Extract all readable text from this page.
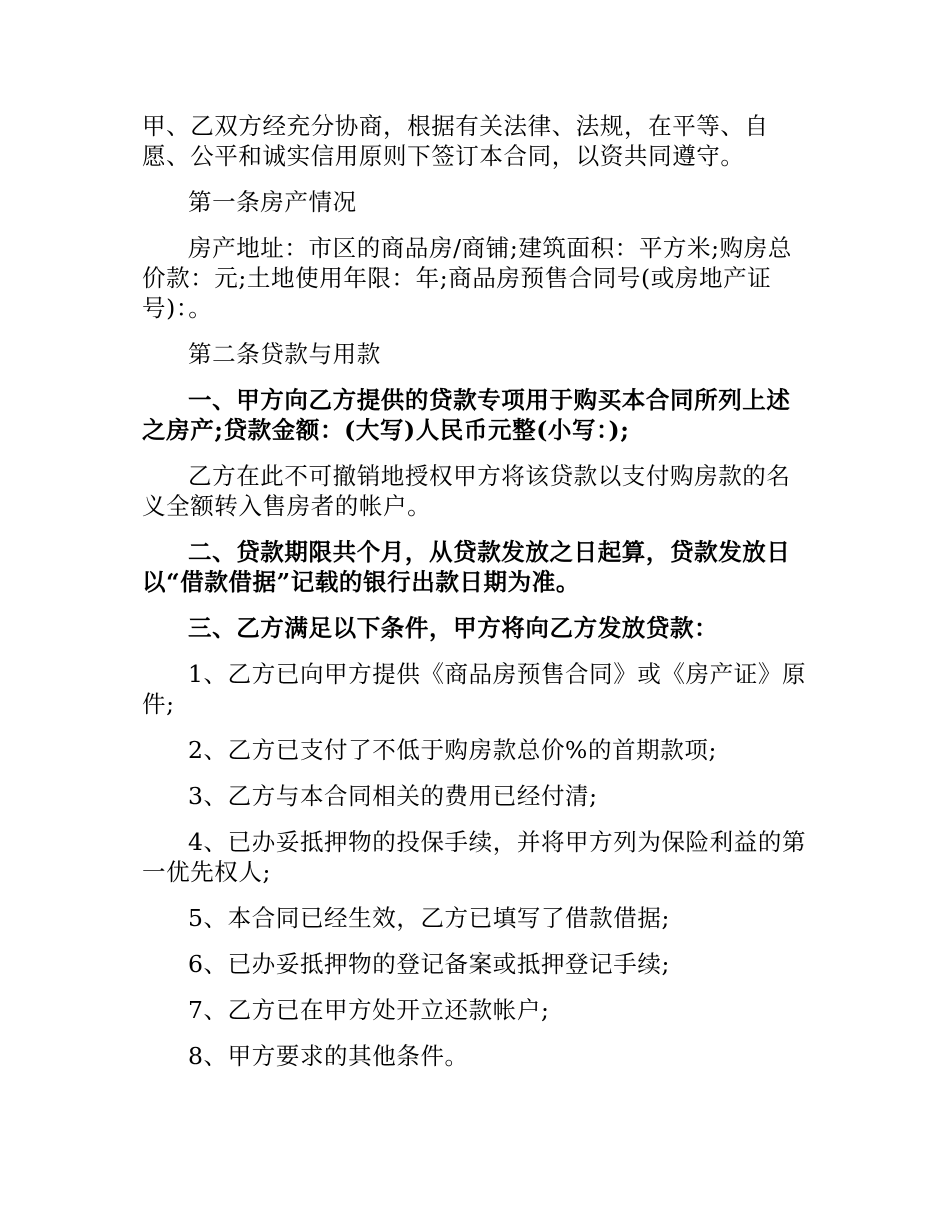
甲、乙双方经充分协商，根据有关法律、法规，在平等、自愿、公平和诚实信用原则下签订本合同，以资共同遵守。

第一条房产情况

房产地址：市区的商品房/商铺;建筑面积：平方米;购房总价款：元;土地使用年限：年;商品房预售合同号(或房地产证号)：。

第二条贷款与用款

一、甲方向乙方提供的贷款专项用于购买本合同所列上述之房产;贷款金额：(大写)人民币元整(小写：);

乙方在此不可撤销地授权甲方将该贷款以支付购房款的名义全额转入售房者的帐户。

二、贷款期限共个月，从贷款发放之日起算，贷款发放日以“借款借据”记载的银行出款日期为准。

三、乙方满足以下条件，甲方将向乙方发放贷款：

1、乙方已向甲方提供《商品房预售合同》或《房产证》原件;

2、乙方已支付了不低于购房款总价%的首期款项;

3、乙方与本合同相关的费用已经付清;

4、已办妥抵押物的投保手续，并将甲方列为保险利益的第一优先权人;

5、本合同已经生效，乙方已填写了借款借据;

6、已办妥抵押物的登记备案或抵押登记手续;

7、乙方已在甲方处开立还款帐户;

8、甲方要求的其他条件。
